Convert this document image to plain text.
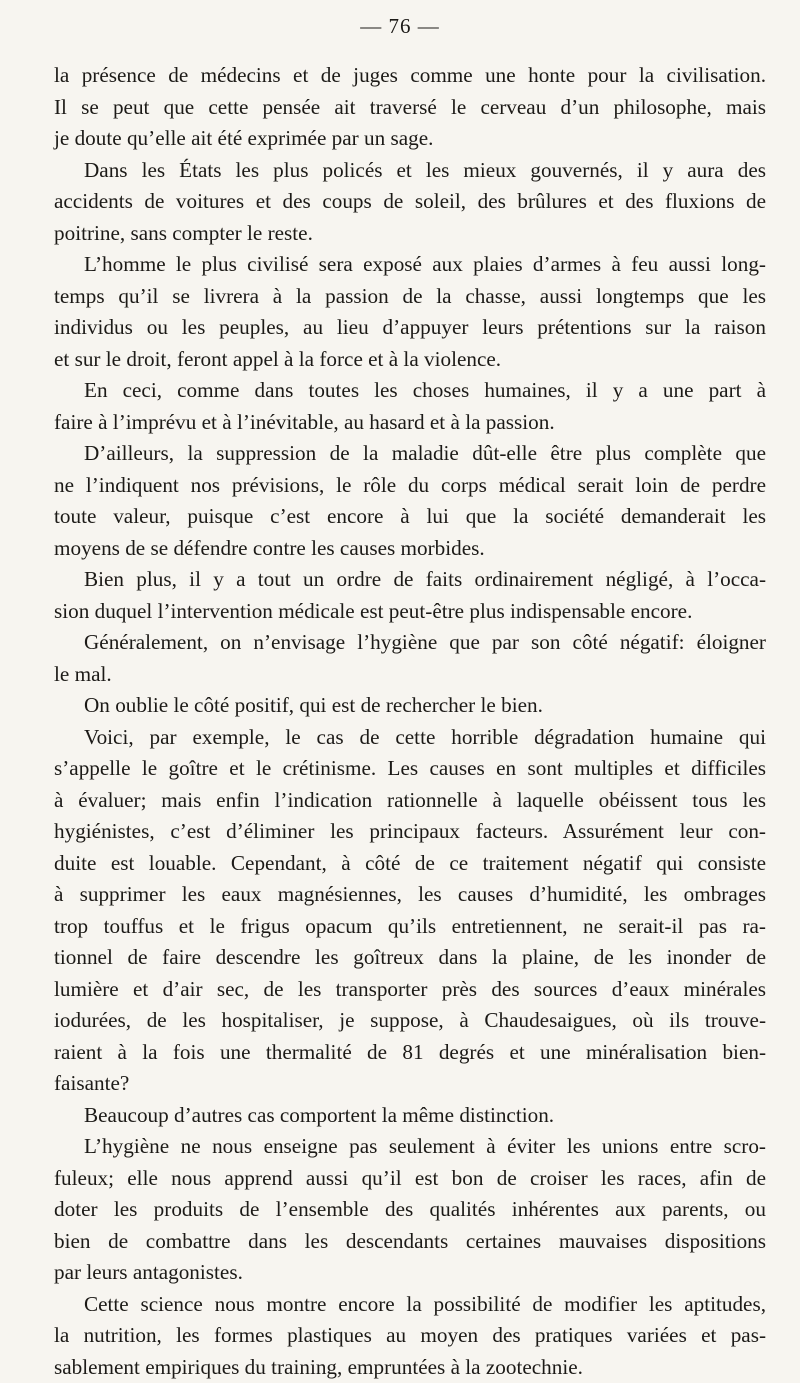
— 76 —
la présence de médecins et de juges comme une honte pour la civilisation.
Il se peut que cette pensée ait traversé le cerveau d’un philosophe, mais
je doute qu’elle ait été exprimée par un sage.
Dans les États les plus policés et les mieux gouvernés, il y aura des
accidents de voitures et des coups de soleil, des brûlures et des fluxions de
poitrine, sans compter le reste.
L’homme le plus civilisé sera exposé aux plaies d’armes à feu aussi long-
temps qu’il se livrera à la passion de la chasse, aussi longtemps que les
individus ou les peuples, au lieu d’appuyer leurs prétentions sur la raison
et sur le droit, feront appel à la force et à la violence.
En ceci, comme dans toutes les choses humaines, il y a une part à
faire à l’imprévu et à l’inévitable, au hasard et à la passion.
D’ailleurs, la suppression de la maladie dût-elle être plus complète que
ne l’indiquent nos prévisions, le rôle du corps médical serait loin de perdre
toute valeur, puisque c’est encore à lui que la société demanderait les
moyens de se défendre contre les causes morbides.
Bien plus, il y a tout un ordre de faits ordinairement négligé, à l’occa-
sion duquel l’intervention médicale est peut-être plus indispensable encore.
Généralement, on n’envisage l’hygiène que par son côté négatif: éloigner
le mal.
On oublie le côté positif, qui est de rechercher le bien.
Voici, par exemple, le cas de cette horrible dégradation humaine qui
s’appelle le goître et le crétinisme. Les causes en sont multiples et difficiles
à évaluer; mais enfin l’indication rationnelle à laquelle obéissent tous les
hygiénistes, c’est d’éliminer les principaux facteurs. Assurément leur con-
duite est louable. Cependant, à côté de ce traitement négatif qui consiste
à supprimer les eaux magnésiennes, les causes d’humidité, les ombrages
trop touffus et le frigus opacum qu’ils entretiennent, ne serait-il pas ra-
tionnel de faire descendre les goîtreux dans la plaine, de les inonder de
lumière et d’air sec, de les transporter près des sources d’eaux minérales
iodurées, de les hospitaliser, je suppose, à Chaudesaigues, où ils trouve-
raient à la fois une thermalité de 81 degrés et une minéralisation bien-
faisante?
Beaucoup d’autres cas comportent la même distinction.
L’hygiène ne nous enseigne pas seulement à éviter les unions entre scro-
fuleux; elle nous apprend aussi qu’il est bon de croiser les races, afin de
doter les produits de l’ensemble des qualités inhérentes aux parents, ou
bien de combattre dans les descendants certaines mauvaises dispositions
par leurs antagonistes.
Cette science nous montre encore la possibilité de modifier les aptitudes,
la nutrition, les formes plastiques au moyen des pratiques variées et pas-
sablement empiriques du training, empruntées à la zootechnie.
